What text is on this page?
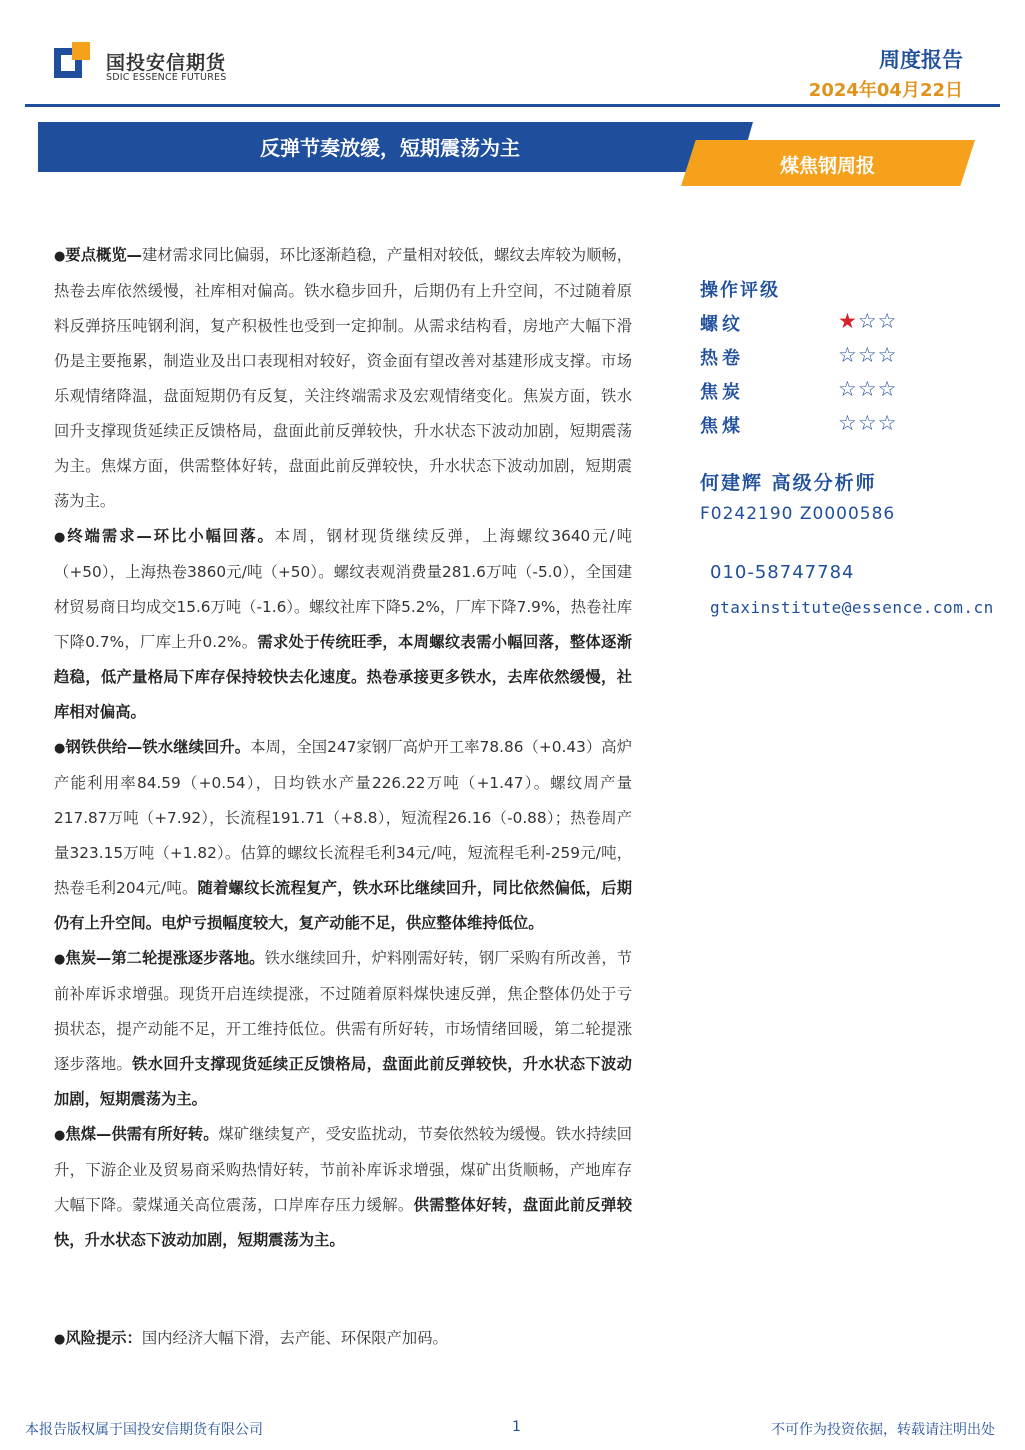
国投安信期货
SDIC ESSENCE FUTURES
周度报告
2024年04月22日
反弹节奏放缓，短期震荡为主
煤焦钢周报

●要点概览—建材需求同比偏弱，环比逐渐趋稳，产量相对较低，螺纹去库较为顺畅，热卷去库依然缓慢，社库相对偏高。铁水稳步回升，后期仍有上升空间，不过随着原料反弹挤压吨钢利润，复产积极性也受到一定抑制。从需求结构看，房地产大幅下滑仍是主要拖累，制造业及出口表现相对较好，资金面有望改善对基建形成支撑。市场乐观情绪降温，盘面短期仍有反复，关注终端需求及宏观情绪变化。焦炭方面，铁水回升支撑现货延续正反馈格局，盘面此前反弹较快，升水状态下波动加剧，短期震荡为主。焦煤方面，供需整体好转，盘面此前反弹较快，升水状态下波动加剧，短期震荡为主。

●终端需求—环比小幅回落。本周，钢材现货继续反弹，上海螺纹3640元/吨（+50），上海热卷3860元/吨（+50）。螺纹表观消费量281.6万吨（-5.0），全国建材贸易商日均成交15.6万吨（-1.6）。螺纹社库下降5.2%，厂库下降7.9%，热卷社库下降0.7%，厂库上升0.2%。需求处于传统旺季，本周螺纹表需小幅回落，整体逐渐趋稳，低产量格局下库存保持较快去化速度。热卷承接更多铁水，去库依然缓慢，社库相对偏高。

●钢铁供给—铁水继续回升。本周，全国247家钢厂高炉开工率78.86（+0.43）高炉产能利用率84.59（+0.54），日均铁水产量226.22万吨（+1.47）。螺纹周产量217.87万吨（+7.92），长流程191.71（+8.8），短流程26.16（-0.88）；热卷周产量323.15万吨（+1.82）。估算的螺纹长流程毛利34元/吨，短流程毛利-259元/吨，热卷毛利204元/吨。随着螺纹长流程复产，铁水环比继续回升，同比依然偏低，后期仍有上升空间。电炉亏损幅度较大，复产动能不足，供应整体维持低位。

●焦炭—第二轮提涨逐步落地。铁水继续回升，炉料刚需好转，钢厂采购有所改善，节前补库诉求增强。现货开启连续提涨，不过随着原料煤快速反弹，焦企整体仍处于亏损状态，提产动能不足，开工维持低位。供需有所好转，市场情绪回暖，第二轮提涨逐步落地。铁水回升支撑现货延续正反馈格局，盘面此前反弹较快，升水状态下波动加剧，短期震荡为主。

●焦煤—供需有所好转。煤矿继续复产，受安监扰动，节奏依然较为缓慢。铁水持续回升，下游企业及贸易商采购热情好转，节前补库诉求增强，煤矿出货顺畅，产地库存大幅下降。蒙煤通关高位震荡，口岸库存压力缓解。供需整体好转，盘面此前反弹较快，升水状态下波动加剧，短期震荡为主。

●风险提示：国内经济大幅下滑，去产能、环保限产加码。
操作评级
螺纹	★☆☆
热卷	☆☆☆
焦炭	☆☆☆
焦煤	☆☆☆
何建辉 高级分析师
F0242190 Z0000586
010-58747784
gtaxinstitute@essence.com.cn
本报告版权属于国投安信期货有限公司	1	不可作为投资依据，转载请注明出处
